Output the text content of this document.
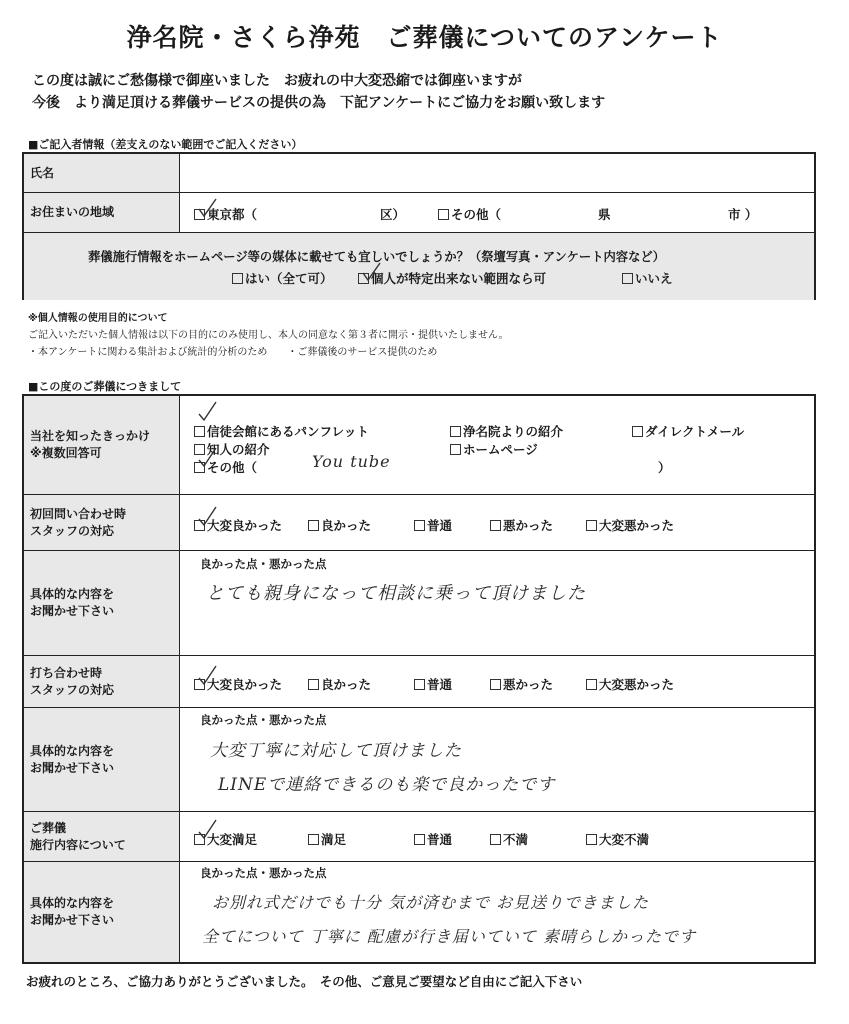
浄名院・さくら浄苑　ご葬儀についてのアンケート
この度は誠にご愁傷様で御座いました　お疲れの中大変恐縮では御座いますが
今後　より満足頂ける葬儀サービスの提供の為　下記アンケートにご協力をお願い致します
■ご記入者情報（差支えのない範囲でご記入ください）
氏名
お住まいの地域	東京都（	区）	その他（	県	市 ）
葬儀施行情報をホームページ等の媒体に載せても宜しいでしょうか？（祭壇写真・アンケート内容など）
はい（全て可）	個人が特定出来ない範囲なら可	いいえ
※個人情報の使用目的について
ご記入いただいた個人情報は以下の目的にのみ使用し、本人の同意なく第３者に開示・提供いたしません。
・本アンケートに関わる集計および統計的分析のため　　・ご葬儀後のサービス提供のため
■この度のご葬儀につきまして
当社を知ったきっかけ
※複数回答可
信徒会館にあるパンフレット	浄名院よりの紹介	ダイレクトメール
知人の紹介	ホームページ
その他（	You tube	）
初回問い合わせ時
スタッフの対応	大変良かった	良かった	普通	悪かった	大変悪かった
具体的な内容を
お聞かせ下さい
良かった点・悪かった点
とても親身になって相談に乗って頂けました
打ち合わせ時
スタッフの対応	大変良かった	良かった	普通	悪かった	大変悪かった
具体的な内容を
お聞かせ下さい
良かった点・悪かった点
大変丁寧に対応して頂けました
LINEで連絡できるのも楽で良かったです
ご葬儀
施行内容について	大変満足	満足	普通	不満	大変不満
具体的な内容を
お聞かせ下さい
良かった点・悪かった点
お別れ式だけでも十分 気が済むまで お見送りできました
全てについて 丁寧に 配慮が行き届いていて 素晴らしかったです
お疲れのところ、ご協力ありがとうございました。　その他、ご意見ご要望など自由にご記入下さい
